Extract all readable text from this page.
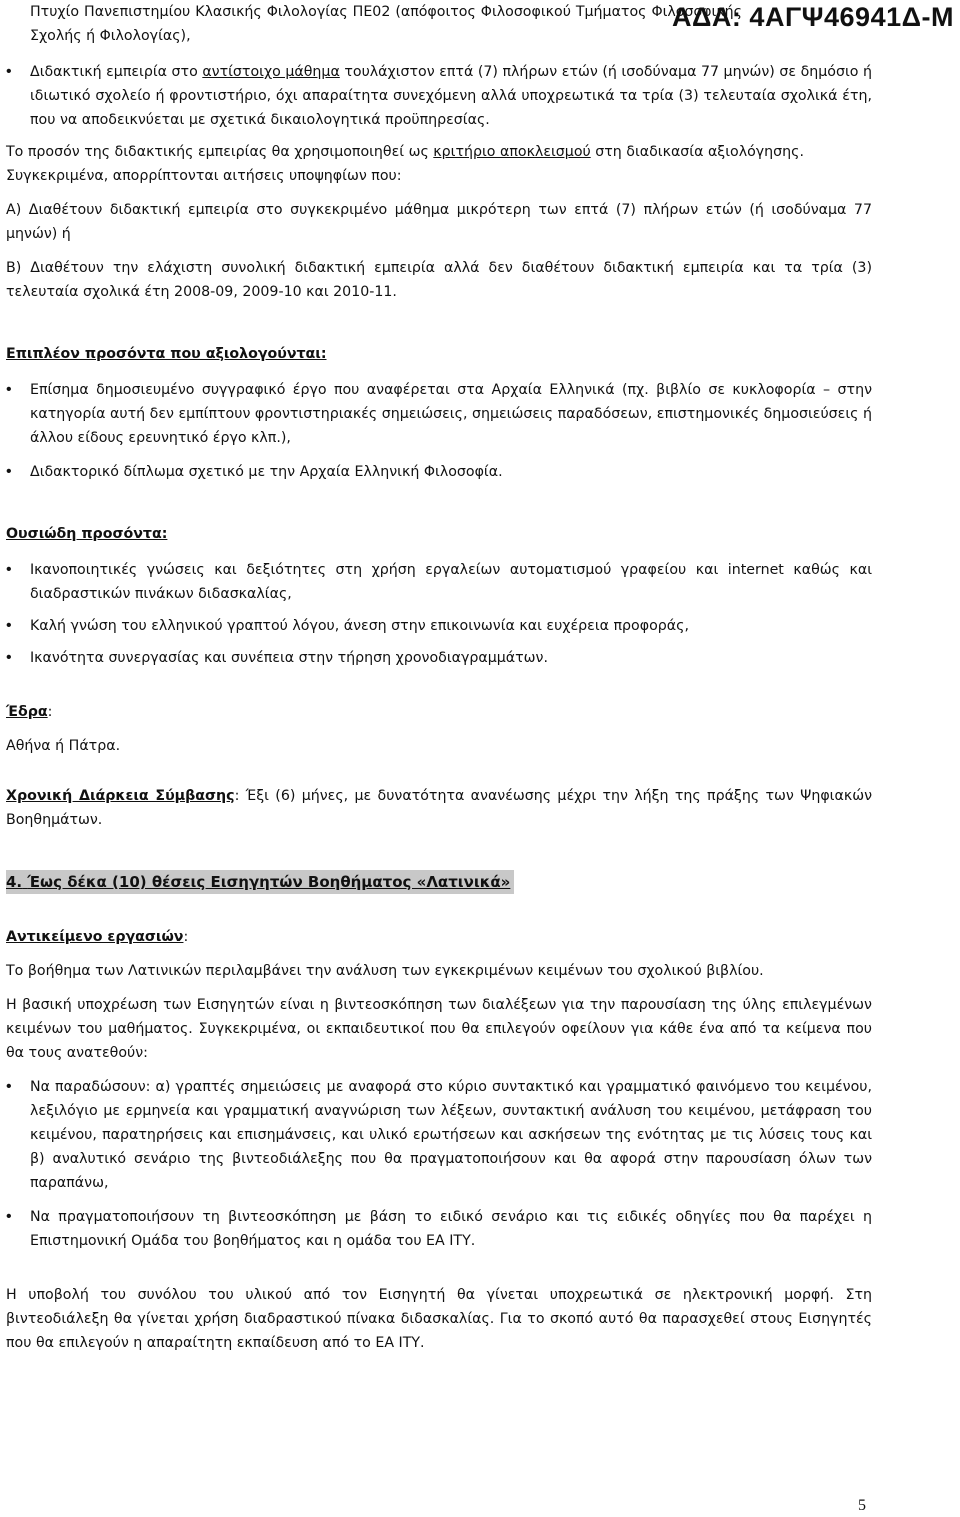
ΑΔΑ: 4ΑΓΨ46941Δ-Μ

Πτυχίο Πανεπιστημίου Κλασικής Φιλολογίας ΠΕ02 (απόφοιτος Φιλοσοφικού Τμήματος Φιλοσοφικής Σχολής ή Φιλολογίας),

• Διδακτική εμπειρία στο αντίστοιχο μάθημα τουλάχιστον επτά (7) πλήρων ετών (ή ισοδύναμα 77 μηνών) σε δημόσιο ή ιδιωτικό σχολείο ή φροντιστήριο, όχι απαραίτητα συνεχόμενη αλλά υποχρεωτικά τα τρία (3) τελευταία σχολικά έτη, που να αποδεικνύεται με σχετικά δικαιολογητικά προϋπηρεσίας.

Το προσόν της διδακτικής εμπειρίας θα χρησιμοποιηθεί ως κριτήριο αποκλεισμού στη διαδικασία αξιολόγησης.

Συγκεκριμένα, απορρίπτονται αιτήσεις υποψηφίων που:

Α) Διαθέτουν διδακτική εμπειρία στο συγκεκριμένο μάθημα μικρότερη των επτά (7) πλήρων ετών (ή ισοδύναμα 77 μηνών) ή

Β) Διαθέτουν την ελάχιστη συνολική διδακτική εμπειρία αλλά δεν διαθέτουν διδακτική εμπειρία και τα τρία (3) τελευταία σχολικά έτη 2008-09, 2009-10 και 2010-11.

Επιπλέον προσόντα που αξιολογούνται:

• Επίσημα δημοσιευμένο συγγραφικό έργο που αναφέρεται στα Αρχαία Ελληνικά (πχ. βιβλίο σε κυκλοφορία – στην κατηγορία αυτή δεν εμπίπτουν φροντιστηριακές σημειώσεις, σημειώσεις παραδόσεων, επιστημονικές δημοσιεύσεις ή άλλου είδους ερευνητικό έργο κλπ.),

• Διδακτορικό δίπλωμα σχετικό με την Αρχαία Ελληνική Φιλοσοφία.

Ουσιώδη προσόντα:

• Ικανοποιητικές γνώσεις και δεξιότητες στη χρήση εργαλείων αυτοματισμού γραφείου και internet καθώς και διαδραστικών πινάκων διδασκαλίας,

• Καλή γνώση του ελληνικού γραπτού λόγου, άνεση στην επικοινωνία και ευχέρεια προφοράς,

• Ικανότητα συνεργασίας και συνέπεια στην τήρηση χρονοδιαγραμμάτων.

Έδρα:

Αθήνα ή Πάτρα.

Χρονική Διάρκεια Σύμβασης: Έξι (6) μήνες, με δυνατότητα ανανέωσης μέχρι την λήξη της πράξης των Ψηφιακών Βοηθημάτων.

4. Έως δέκα (10) θέσεις Εισηγητών Βοηθήματος «Λατινικά»

Αντικείμενο εργασιών:

Το βοήθημα των Λατινικών περιλαμβάνει την ανάλυση των εγκεκριμένων κειμένων του σχολικού βιβλίου.

Η βασική υποχρέωση των Εισηγητών είναι η βιντεοσκόπηση των διαλέξεων για την παρουσίαση της ύλης επιλεγμένων κειμένων του μαθήματος. Συγκεκριμένα, οι εκπαιδευτικοί που θα επιλεγούν οφείλουν για κάθε ένα από τα κείμενα που θα τους ανατεθούν:

• Να παραδώσουν: α) γραπτές σημειώσεις με αναφορά στο κύριο συντακτικό και γραμματικό φαινόμενο του κειμένου, λεξιλόγιο με ερμηνεία και γραμματική αναγνώριση των λέξεων, συντακτική ανάλυση του κειμένου, μετάφραση του κειμένου, παρατηρήσεις και επισημάνσεις, και υλικό ερωτήσεων και ασκήσεων της ενότητας με τις λύσεις τους και β) αναλυτικό σενάριο της βιντεοδιάλεξης που θα πραγματοποιήσουν και θα αφορά στην παρουσίαση όλων των παραπάνω,

• Να πραγματοποιήσουν τη βιντεοσκόπηση με βάση το ειδικό σενάριο και τις ειδικές οδηγίες που θα παρέχει η Επιστημονική Ομάδα του βοηθήματος και η ομάδα του ΕΑ ΙΤΥ.

Η υποβολή του συνόλου του υλικού από τον Εισηγητή θα γίνεται υποχρεωτικά σε ηλεκτρονική μορφή. Στη βιντεοδιάλεξη θα γίνεται χρήση διαδραστικού πίνακα διδασκαλίας. Για το σκοπό αυτό θα παρασχεθεί στους Εισηγητές που θα επιλεγούν η απαραίτητη εκπαίδευση από το ΕΑ ΙΤΥ.

5
